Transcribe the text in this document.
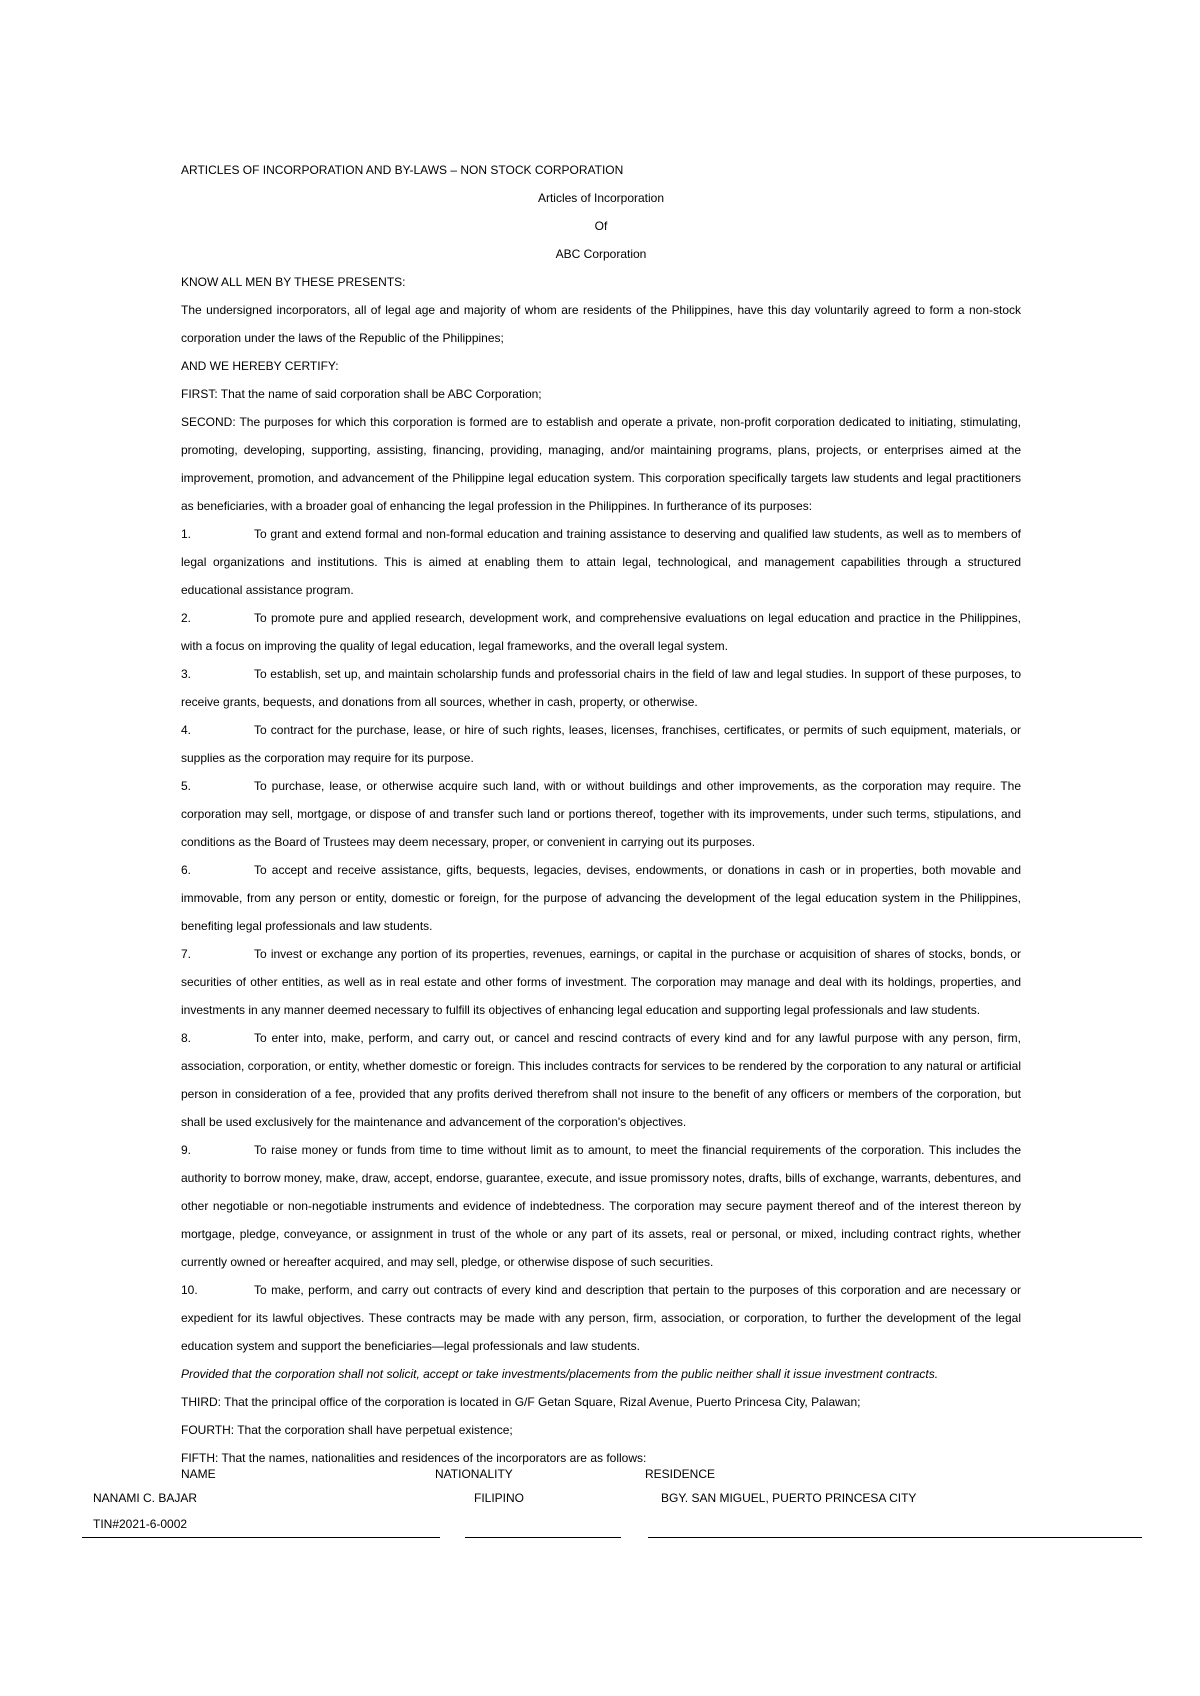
ARTICLES OF INCORPORATION AND BY-LAWS – NON STOCK CORPORATION

Articles of Incorporation

Of

ABC Corporation

KNOW ALL MEN BY THESE PRESENTS:

The undersigned incorporators, all of legal age and majority of whom are residents of the Philippines, have this day voluntarily agreed to form a non-stock corporation under the laws of the Republic of the Philippines;

AND WE HEREBY CERTIFY:

FIRST: That the name of said corporation shall be ABC Corporation;

SECOND: The purposes for which this corporation is formed are to establish and operate a private, non-profit corporation dedicated to initiating, stimulating, promoting, developing, supporting, assisting, financing, providing, managing, and/or maintaining programs, plans, projects, or enterprises aimed at the improvement, promotion, and advancement of the Philippine legal education system. This corporation specifically targets law students and legal practitioners as beneficiaries, with a broader goal of enhancing the legal profession in the Philippines. In furtherance of its purposes:

1.	To grant and extend formal and non-formal education and training assistance to deserving and qualified law students, as well as to members of legal organizations and institutions. This is aimed at enabling them to attain legal, technological, and management capabilities through a structured educational assistance program.

2.	To promote pure and applied research, development work, and comprehensive evaluations on legal education and practice in the Philippines, with a focus on improving the quality of legal education, legal frameworks, and the overall legal system.

3.	To establish, set up, and maintain scholarship funds and professorial chairs in the field of law and legal studies. In support of these purposes, to receive grants, bequests, and donations from all sources, whether in cash, property, or otherwise.

4.	To contract for the purchase, lease, or hire of such rights, leases, licenses, franchises, certificates, or permits of such equipment, materials, or supplies as the corporation may require for its purpose.

5.	To purchase, lease, or otherwise acquire such land, with or without buildings and other improvements, as the corporation may require. The corporation may sell, mortgage, or dispose of and transfer such land or portions thereof, together with its improvements, under such terms, stipulations, and conditions as the Board of Trustees may deem necessary, proper, or convenient in carrying out its purposes.

6.	To accept and receive assistance, gifts, bequests, legacies, devises, endowments, or donations in cash or in properties, both movable and immovable, from any person or entity, domestic or foreign, for the purpose of advancing the development of the legal education system in the Philippines, benefiting legal professionals and law students.

7.	To invest or exchange any portion of its properties, revenues, earnings, or capital in the purchase or acquisition of shares of stocks, bonds, or securities of other entities, as well as in real estate and other forms of investment. The corporation may manage and deal with its holdings, properties, and investments in any manner deemed necessary to fulfill its objectives of enhancing legal education and supporting legal professionals and law students.

8.	To enter into, make, perform, and carry out, or cancel and rescind contracts of every kind and for any lawful purpose with any person, firm, association, corporation, or entity, whether domestic or foreign. This includes contracts for services to be rendered by the corporation to any natural or artificial person in consideration of a fee, provided that any profits derived therefrom shall not insure to the benefit of any officers or members of the corporation, but shall be used exclusively for the maintenance and advancement of the corporation's objectives.

9.	To raise money or funds from time to time without limit as to amount, to meet the financial requirements of the corporation. This includes the authority to borrow money, make, draw, accept, endorse, guarantee, execute, and issue promissory notes, drafts, bills of exchange, warrants, debentures, and other negotiable or non-negotiable instruments and evidence of indebtedness. The corporation may secure payment thereof and of the interest thereon by mortgage, pledge, conveyance, or assignment in trust of the whole or any part of its assets, real or personal, or mixed, including contract rights, whether currently owned or hereafter acquired, and may sell, pledge, or otherwise dispose of such securities.

10.	To make, perform, and carry out contracts of every kind and description that pertain to the purposes of this corporation and are necessary or expedient for its lawful objectives. These contracts may be made with any person, firm, association, or corporation, to further the development of the legal education system and support the beneficiaries—legal professionals and law students.

Provided that the corporation shall not solicit, accept or take investments/placements from the public neither shall it issue investment contracts.

THIRD: That the principal office of the corporation is located in G/F Getan Square, Rizal Avenue, Puerto Princesa City, Palawan;

FOURTH: That the corporation shall have perpetual existence;

FIFTH: That the names, nationalities and residences of the incorporators are as follows:

NAME	NATIONALITY	RESIDENCE
NANAMI C. BAJAR
TIN#2021-6-0002
FILIPINO	BGY. SAN MIGUEL, PUERTO PRINCESA CITY
